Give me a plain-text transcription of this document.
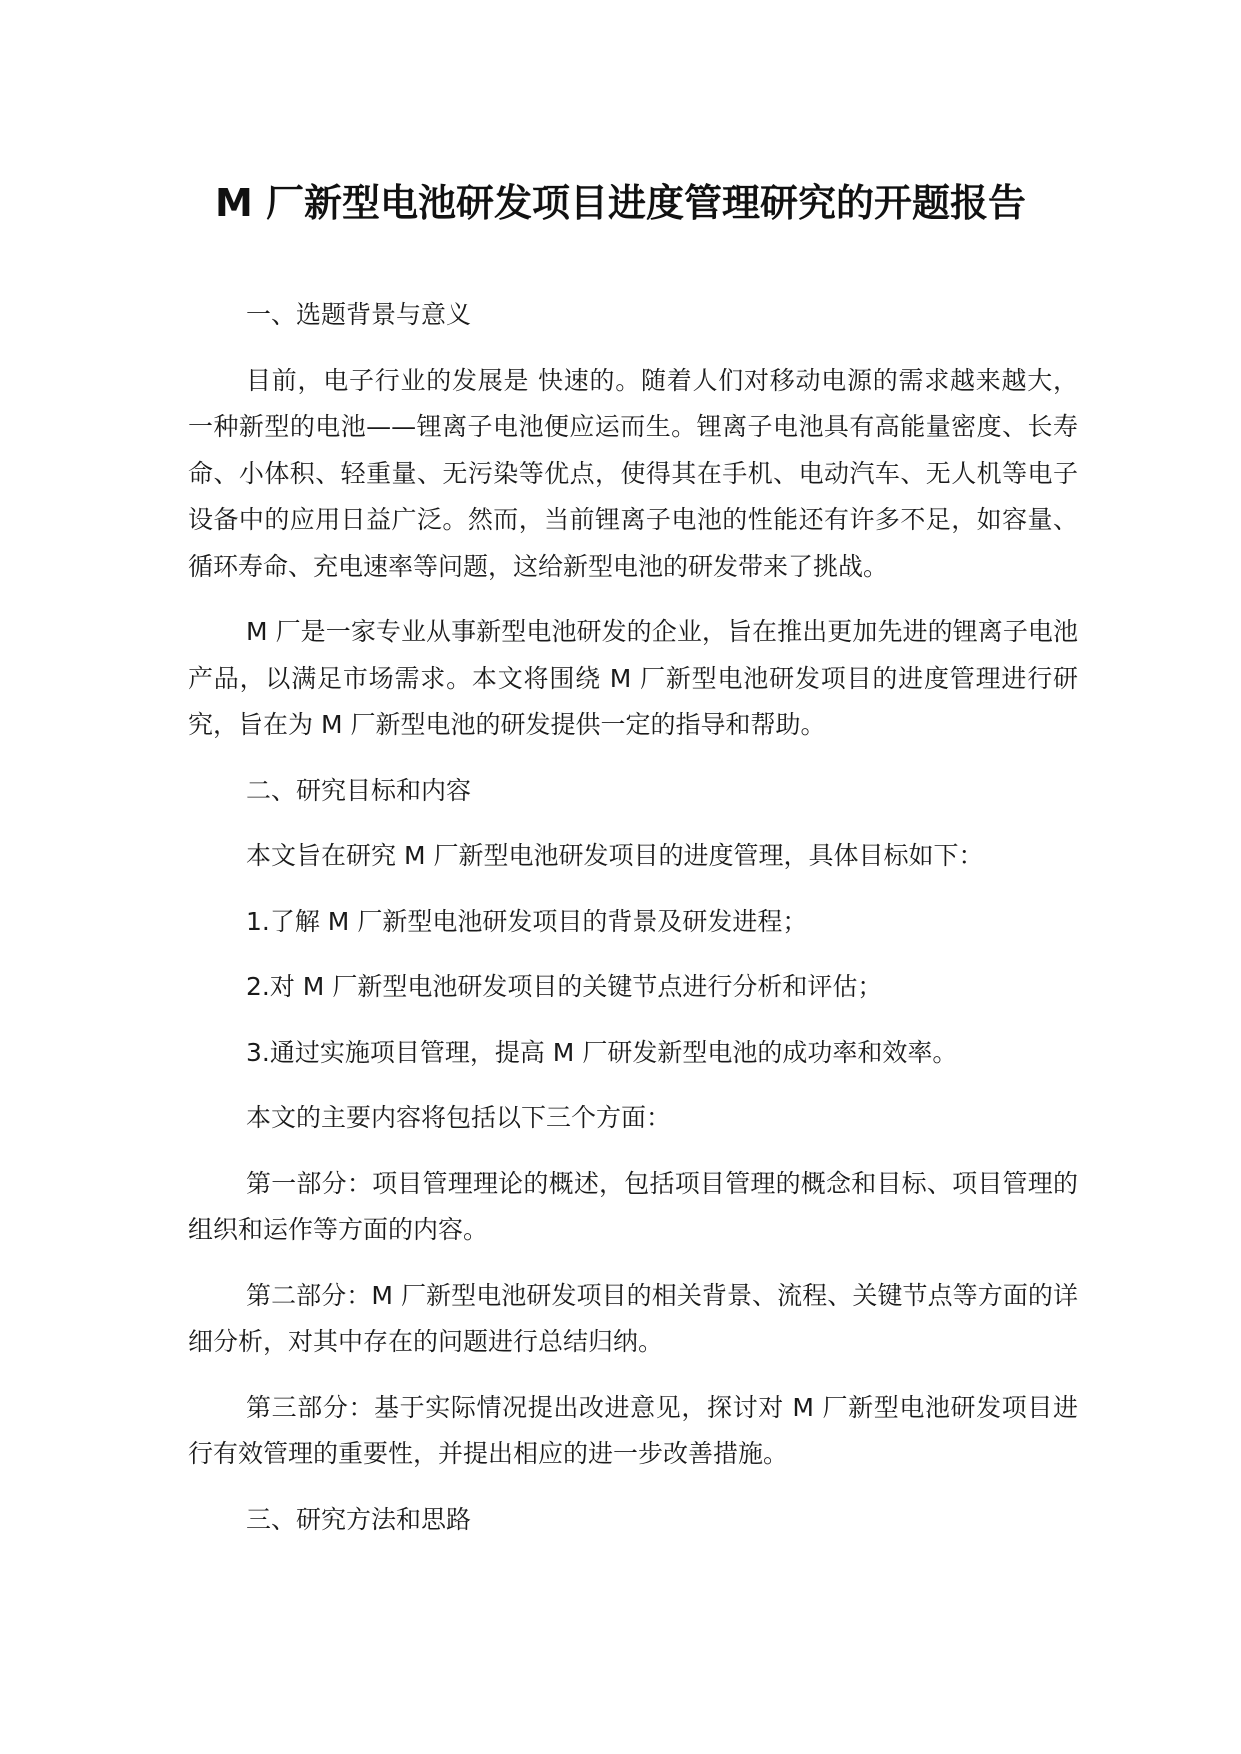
M 厂新型电池研发项目进度管理研究的开题报告

一、选题背景与意义

目前，电子行业的发展是 快速的。随着人们对移动电源的需求越来越大，一种新型的电池——锂离子电池便应运而生。锂离子电池具有高能量密度、长寿命、小体积、轻重量、无污染等优点，使得其在手机、电动汽车、无人机等电子设备中的应用日益广泛。然而，当前锂离子电池的性能还有许多不足，如容量、循环寿命、充电速率等问题，这给新型电池的研发带来了挑战。

M 厂是一家专业从事新型电池研发的企业，旨在推出更加先进的锂离子电池产品，以满足市场需求。本文将围绕 M 厂新型电池研发项目的进度管理进行研究，旨在为 M 厂新型电池的研发提供一定的指导和帮助。

二、研究目标和内容

本文旨在研究 M 厂新型电池研发项目的进度管理，具体目标如下：

1.了解 M 厂新型电池研发项目的背景及研发进程；

2.对 M 厂新型电池研发项目的关键节点进行分析和评估；

3.通过实施项目管理，提高 M 厂研发新型电池的成功率和效率。

本文的主要内容将包括以下三个方面：

第一部分：项目管理理论的概述，包括项目管理的概念和目标、项目管理的组织和运作等方面的内容。

第二部分：M 厂新型电池研发项目的相关背景、流程、关键节点等方面的详细分析，对其中存在的问题进行总结归纳。

第三部分：基于实际情况提出改进意见，探讨对 M 厂新型电池研发项目进行有效管理的重要性，并提出相应的进一步改善措施。

三、研究方法和思路
